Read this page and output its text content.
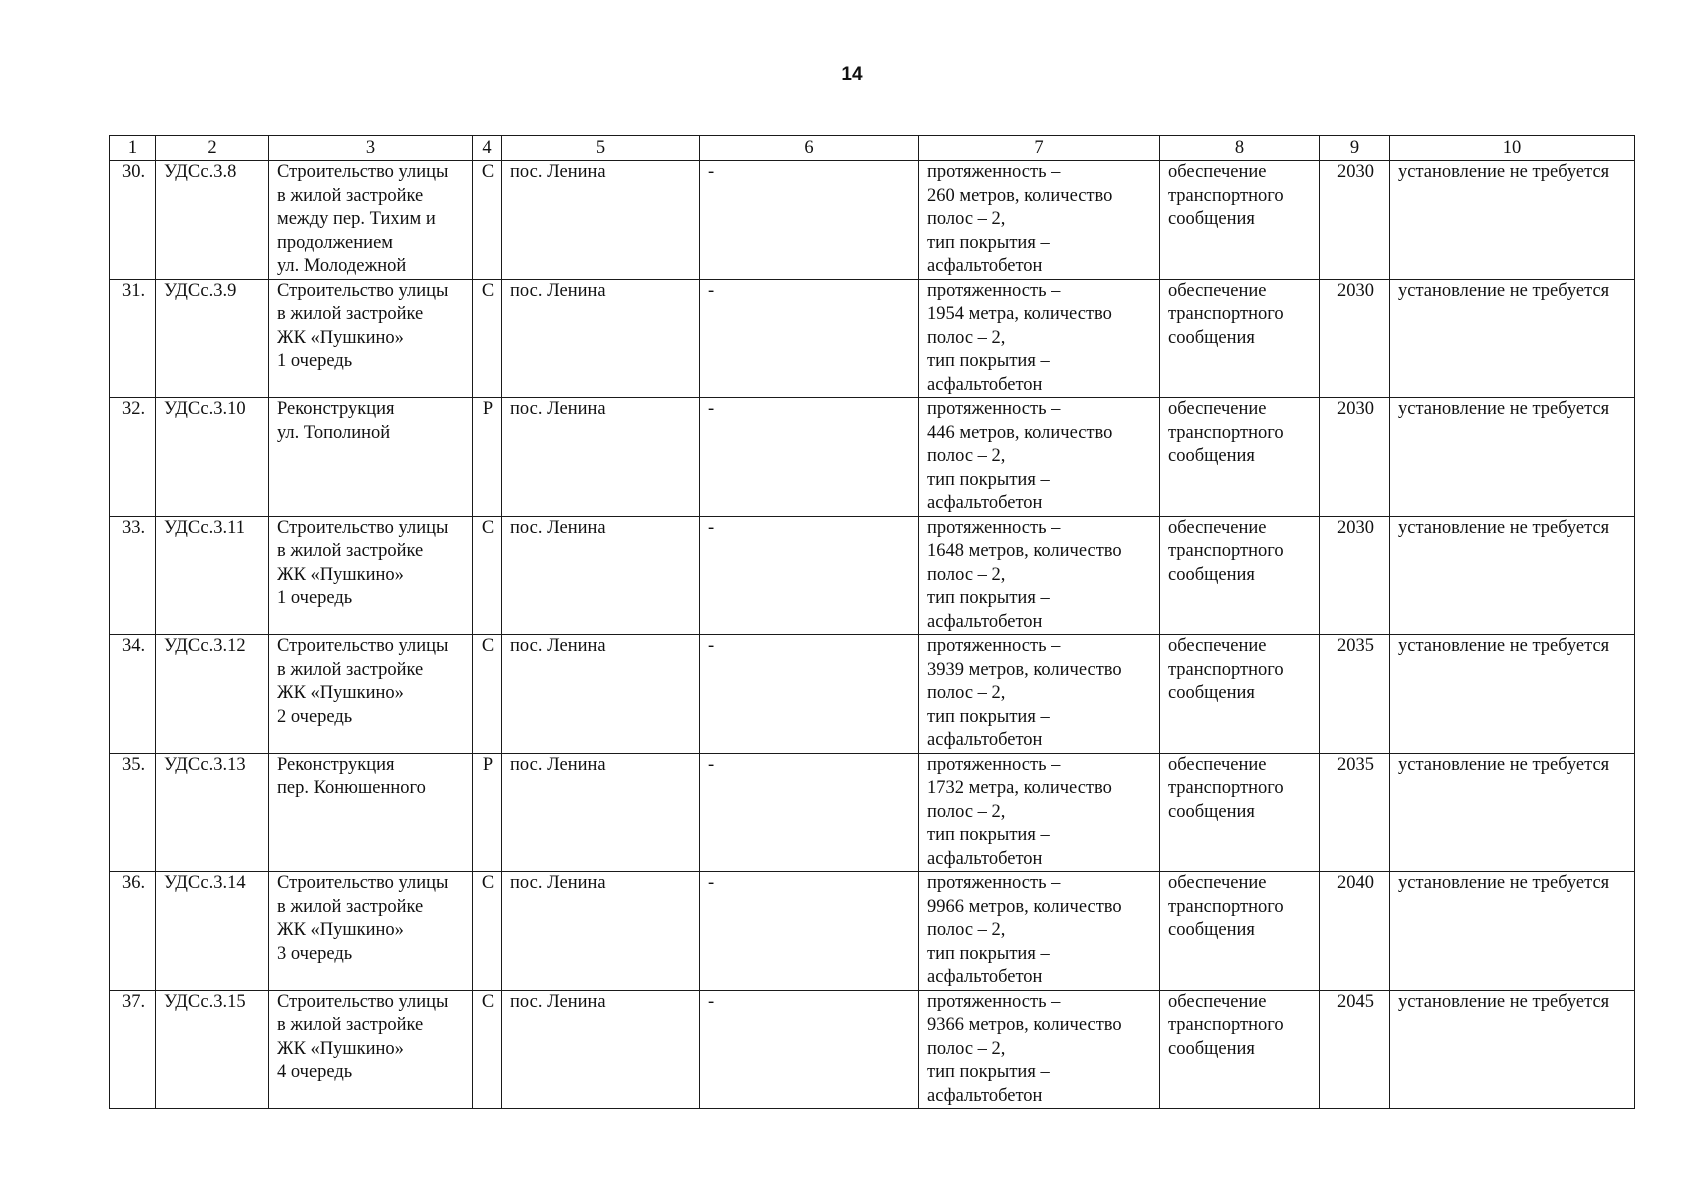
14
1	2	3	4	5	6	7	8	9	10
30.	УДСс.3.8	Строительство улицы
в жилой застройке
между пер. Тихим и
продолжением
ул. Молодежной	С	пос. Ленина	-	протяженность –
260 метров, количество
полос – 2,
тип покрытия –
асфальтобетон	обеспечение
транспортного
сообщения	2030	установление не требуется
31.	УДСс.3.9	Строительство улицы
в жилой застройке
ЖК «Пушкино»
1 очередь	С	пос. Ленина	-	протяженность –
1954 метра, количество
полос – 2,
тип покрытия –
асфальтобетон	обеспечение
транспортного
сообщения	2030	установление не требуется
32.	УДСс.3.10	Реконструкция
ул. Тополиной	Р	пос. Ленина	-	протяженность –
446 метров, количество
полос – 2,
тип покрытия –
асфальтобетон	обеспечение
транспортного
сообщения	2030	установление не требуется
33.	УДСс.3.11	Строительство улицы
в жилой застройке
ЖК «Пушкино»
1 очередь	С	пос. Ленина	-	протяженность –
1648 метров, количество
полос – 2,
тип покрытия –
асфальтобетон	обеспечение
транспортного
сообщения	2030	установление не требуется
34.	УДСс.3.12	Строительство улицы
в жилой застройке
ЖК «Пушкино»
2 очередь	С	пос. Ленина	-	протяженность –
3939 метров, количество
полос – 2,
тип покрытия –
асфальтобетон	обеспечение
транспортного
сообщения	2035	установление не требуется
35.	УДСс.3.13	Реконструкция
пер. Конюшенного	Р	пос. Ленина	-	протяженность –
1732 метра, количество
полос – 2,
тип покрытия –
асфальтобетон	обеспечение
транспортного
сообщения	2035	установление не требуется
36.	УДСс.3.14	Строительство улицы
в жилой застройке
ЖК «Пушкино»
3 очередь	С	пос. Ленина	-	протяженность –
9966 метров, количество
полос – 2,
тип покрытия –
асфальтобетон	обеспечение
транспортного
сообщения	2040	установление не требуется
37.	УДСс.3.15	Строительство улицы
в жилой застройке
ЖК «Пушкино»
4 очередь	С	пос. Ленина	-	протяженность –
9366 метров, количество
полос – 2,
тип покрытия –
асфальтобетон	обеспечение
транспортного
сообщения	2045	установление не требуется
